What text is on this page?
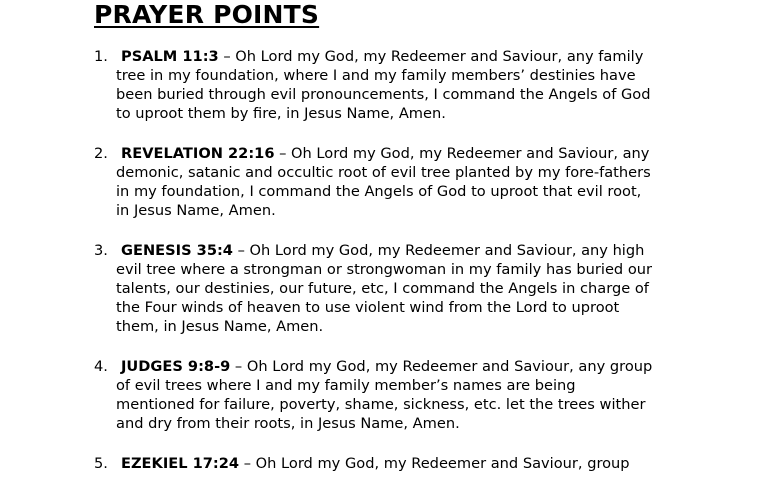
PRAYER POINTS
1. PSALM 11:3 – Oh Lord my God, my Redeemer and Saviour, any family tree in my foundation, where I and my family members’ destinies have been buried through evil pronouncements, I command the Angels of God to uproot them by fire, in Jesus Name, Amen.
2. REVELATION 22:16 – Oh Lord my God, my Redeemer and Saviour, any demonic, satanic and occultic root of evil tree planted by my fore-fathers in my foundation, I command the Angels of God to uproot that evil root, in Jesus Name, Amen.
3. GENESIS 35:4 – Oh Lord my God, my Redeemer and Saviour, any high evil tree where a strongman or strongwoman in my family has buried our talents, our destinies, our future, etc, I command the Angels in charge of the Four winds of heaven to use violent wind from the Lord to uproot them, in Jesus Name, Amen.
4. JUDGES 9:8-9 – Oh Lord my God, my Redeemer and Saviour, any group of evil trees where I and my family member’s names are being mentioned for failure, poverty, shame, sickness, etc. let the trees wither and dry from their roots, in Jesus Name, Amen.
5. EZEKIEL 17:24 – Oh Lord my God, my Redeemer and Saviour, group
